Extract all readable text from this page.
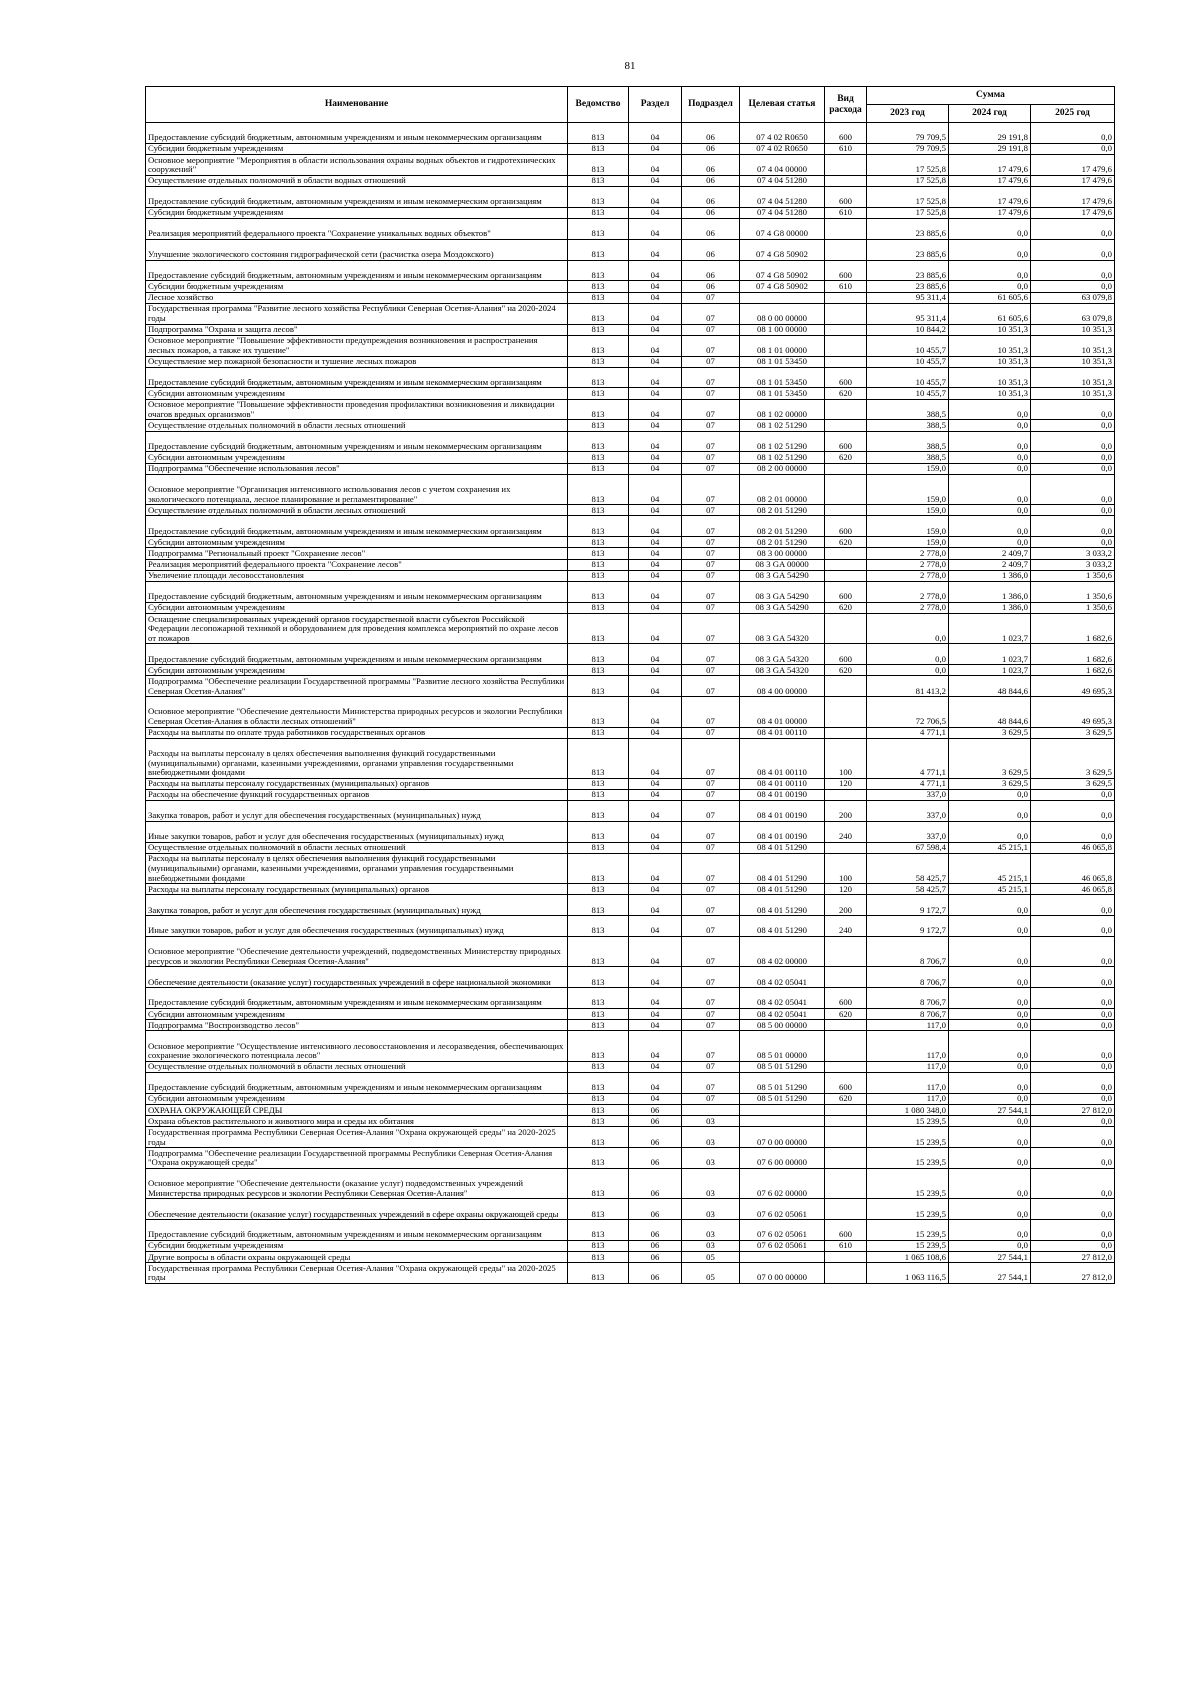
81
Наименование	Ведомство	Раздел	Подраздел	Целевая статья	Вид расхода	Сумма		
						2023 год	2024 год	2025 год
Предоставление субсидий бюджетным, автономным учреждениям и иным некоммерческим организациям	813	04	06	07 4 02 R0650	600	79 709,5	29 191,8	0,0
Субсидии бюджетным учреждениям	813	04	06	07 4 02 R0650	610	79 709,5	29 191,8	0,0
Основное мероприятие "Мероприятия в области использования охраны водных объектов и гидротехнических сооружений"	813	04	06	07 4 04 00000		17 525,8	17 479,6	17 479,6
Осуществление отдельных полномочий в области водных отношений	813	04	06	07 4 04 51280		17 525,8	17 479,6	17 479,6
Предоставление субсидий бюджетным, автономным учреждениям и иным некоммерческим организациям	813	04	06	07 4 04 51280	600	17 525,8	17 479,6	17 479,6
Субсидии бюджетным учреждениям	813	04	06	07 4 04 51280	610	17 525,8	17 479,6	17 479,6
Реализация мероприятий федерального проекта "Сохранение уникальных водных объектов"	813	04	06	07 4 G8 00000		23 885,6	0,0	0,0
Улучшение экологического состояния гидрографической сети (расчистка озера Моздокского)	813	04	06	07 4 G8 50902		23 885,6	0,0	0,0
Предоставление субсидий бюджетным, автономным учреждениям и иным некоммерческим организациям	813	04	06	07 4 G8 50902	600	23 885,6	0,0	0,0
Субсидии бюджетным учреждениям	813	04	06	07 4 G8 50902	610	23 885,6	0,0	0,0
Лесное хозяйство	813	04	07			95 311,4	61 605,6	63 079,8
Государственная программа "Развитие лесного хозяйства Республики Северная Осетия-Алания" на 2020-2024 годы	813	04	07	08 0 00 00000		95 311,4	61 605,6	63 079,8
Подпрограмма "Охрана и защита лесов"	813	04	07	08 1 00 00000		10 844,2	10 351,3	10 351,3
Основное мероприятие "Повышение эффективности предупреждения возникновения и распространения лесных пожаров, а также их тушение"	813	04	07	08 1 01 00000		10 455,7	10 351,3	10 351,3
Осуществление мер пожарной безопасности и тушение лесных пожаров	813	04	07	08 1 01 53450		10 455,7	10 351,3	10 351,3
Предоставление субсидий бюджетным, автономным учреждениям и иным некоммерческим организациям	813	04	07	08 1 01 53450	600	10 455,7	10 351,3	10 351,3
Субсидии автономным учреждениям	813	04	07	08 1 01 53450	620	10 455,7	10 351,3	10 351,3
Основное мероприятие "Повышение эффективности проведения профилактики возникновения и ликвидации очагов вредных организмов"	813	04	07	08 1 02 00000		388,5	0,0	0,0
Осуществление отдельных полномочий в области лесных отношений	813	04	07	08 1 02 51290		388,5	0,0	0,0
Предоставление субсидий бюджетным, автономным учреждениям и иным некоммерческим организациям	813	04	07	08 1 02 51290	600	388,5	0,0	0,0
Субсидии автономным учреждениям	813	04	07	08 1 02 51290	620	388,5	0,0	0,0
Подпрограмма "Обеспечение использования лесов"	813	04	07	08 2 00 00000		159,0	0,0	0,0
Основное мероприятие "Организация интенсивного использования лесов с учетом сохранения их экологического потенциала, лесное планирование и регламентирование"	813	04	07	08 2 01 00000		159,0	0,0	0,0
Осуществление отдельных полномочий в области лесных отношений	813	04	07	08 2 01 51290		159,0	0,0	0,0
Предоставление субсидий бюджетным, автономным учреждениям и иным некоммерческим организациям	813	04	07	08 2 01 51290	600	159,0	0,0	0,0
Субсидии автономным учреждениям	813	04	07	08 2 01 51290	620	159,0	0,0	0,0
Подпрограмма "Региональный проект "Сохранение лесов"	813	04	07	08 3 00 00000		2 778,0	2 409,7	3 033,2
Реализация мероприятий федерального проекта "Сохранение лесов"	813	04	07	08 3 GA 00000		2 778,0	2 409,7	3 033,2
Увеличение площади лесовосстановления	813	04	07	08 3 GA 54290		2 778,0	1 386,0	1 350,6
Предоставление субсидий бюджетным, автономным учреждениям и иным некоммерческим организациям	813	04	07	08 3 GA 54290	600	2 778,0	1 386,0	1 350,6
Субсидии автономным учреждениям	813	04	07	08 3 GA 54290	620	2 778,0	1 386,0	1 350,6
Оснащение специализированных учреждений органов государственной власти субъектов Российской Федерации лесопожарной техникой и оборудованием для проведения комплекса мероприятий по охране лесов от пожаров	813	04	07	08 3 GA 54320		0,0	1 023,7	1 682,6
Предоставление субсидий бюджетным, автономным учреждениям и иным некоммерческим организациям	813	04	07	08 3 GA 54320	600	0,0	1 023,7	1 682,6
Субсидии автономным учреждениям	813	04	07	08 3 GA 54320	620	0,0	1 023,7	1 682,6
Подпрограмма "Обеспечение реализации Государственной программы "Развитие лесного хозяйства Республики Северная Осетия-Алания"	813	04	07	08 4 00 00000		81 413,2	48 844,6	49 695,3
Основное мероприятие "Обеспечение деятельности Министерства природных ресурсов и экологии Республики Северная Осетия-Алания в области лесных отношений"	813	04	07	08 4 01 00000		72 706,5	48 844,6	49 695,3
Расходы на выплаты по оплате труда работников государственных органов	813	04	07	08 4 01 00110		4 771,1	3 629,5	3 629,5
Расходы на выплаты персоналу в целях обеспечения выполнения функций государственными (муниципальными) органами, казенными учреждениями, органами управления государственными внебюджетными фондами	813	04	07	08 4 01 00110	100	4 771,1	3 629,5	3 629,5
Расходы на выплаты персоналу государственных (муниципальных) органов	813	04	07	08 4 01 00110	120	4 771,1	3 629,5	3 629,5
Расходы на обеспечение функций государственных органов	813	04	07	08 4 01 00190		337,0	0,0	0,0
Закупка товаров, работ и услуг для обеспечения государственных (муниципальных) нужд	813	04	07	08 4 01 00190	200	337,0	0,0	0,0
Иные закупки товаров, работ и услуг для обеспечения государственных (муниципальных) нужд	813	04	07	08 4 01 00190	240	337,0	0,0	0,0
Осуществление отдельных полномочий в области лесных отношений	813	04	07	08 4 01 51290		67 598,4	45 215,1	46 065,8
Расходы на выплаты персоналу в целях обеспечения выполнения функций государственными (муниципальными) органами, казенными учреждениями, органами управления государственными внебюджетными фондами	813	04	07	08 4 01 51290	100	58 425,7	45 215,1	46 065,8
Расходы на выплаты персоналу государственных (муниципальных) органов	813	04	07	08 4 01 51290	120	58 425,7	45 215,1	46 065,8
Закупка товаров, работ и услуг для обеспечения государственных (муниципальных) нужд	813	04	07	08 4 01 51290	200	9 172,7	0,0	0,0
Иные закупки товаров, работ и услуг для обеспечения государственных (муниципальных) нужд	813	04	07	08 4 01 51290	240	9 172,7	0,0	0,0
Основное мероприятие "Обеспечение деятельности учреждений, подведомственных Министерству природных ресурсов и экологии Республики Северная Осетия-Алания"	813	04	07	08 4 02 00000		8 706,7	0,0	0,0
Обеспечение деятельности (оказание услуг) государственных учреждений в сфере национальной экономики	813	04	07	08 4 02 05041		8 706,7	0,0	0,0
Предоставление субсидий бюджетным, автономным учреждениям и иным некоммерческим организациям	813	04	07	08 4 02 05041	600	8 706,7	0,0	0,0
Субсидии автономным учреждениям	813	04	07	08 4 02 05041	620	8 706,7	0,0	0,0
Подпрограмма "Воспроизводство лесов"	813	04	07	08 5 00 00000		117,0	0,0	0,0
Основное мероприятие "Осуществление интенсивного лесовосстановления и лесоразведения, обеспечивающих сохранение экологического потенциала лесов"	813	04	07	08 5 01 00000		117,0	0,0	0,0
Осуществление отдельных полномочий в области лесных отношений	813	04	07	08 5 01 51290		117,0	0,0	0,0
Предоставление субсидий бюджетным, автономным учреждениям и иным некоммерческим организациям	813	04	07	08 5 01 51290	600	117,0	0,0	0,0
Субсидии автономным учреждениям	813	04	07	08 5 01 51290	620	117,0	0,0	0,0
ОХРАНА ОКРУЖАЮЩЕЙ СРЕДЫ	813	06				1 080 348,0	27 544,1	27 812,0
Охрана объектов растительного и животного мира и среды их обитания	813	06	03			15 239,5	0,0	0,0
Государственная программа Республики Северная Осетия-Алания "Охрана окружающей среды" на 2020-2025 годы	813	06	03	07 0 00 00000		15 239,5	0,0	0,0
Подпрограмма "Обеспечение реализации Государственной программы Республики Северная Осетия-Алания "Охрана окружающей среды"	813	06	03	07 6 00 00000		15 239,5	0,0	0,0
Основное мероприятие "Обеспечение деятельности (оказание услуг) подведомственных учреждений Министерства природных ресурсов и экологии Республики Северная Осетия-Алания"	813	06	03	07 6 02 00000		15 239,5	0,0	0,0
Обеспечение деятельности (оказание услуг) государственных учреждений в сфере охраны окружающей среды	813	06	03	07 6 02 05061		15 239,5	0,0	0,0
Предоставление субсидий бюджетным, автономным учреждениям и иным некоммерческим организациям	813	06	03	07 6 02 05061	600	15 239,5	0,0	0,0
Субсидии бюджетным учреждениям	813	06	03	07 6 02 05061	610	15 239,5	0,0	0,0
Другие вопросы в области охраны окружающей среды	813	06	05			1 065 108,6	27 544,1	27 812,0
Государственная программа Республики Северная Осетия-Алания "Охрана окружающей среды" на 2020-2025 годы	813	06	05	07 0 00 00000		1 063 116,5	27 544,1	27 812,0
